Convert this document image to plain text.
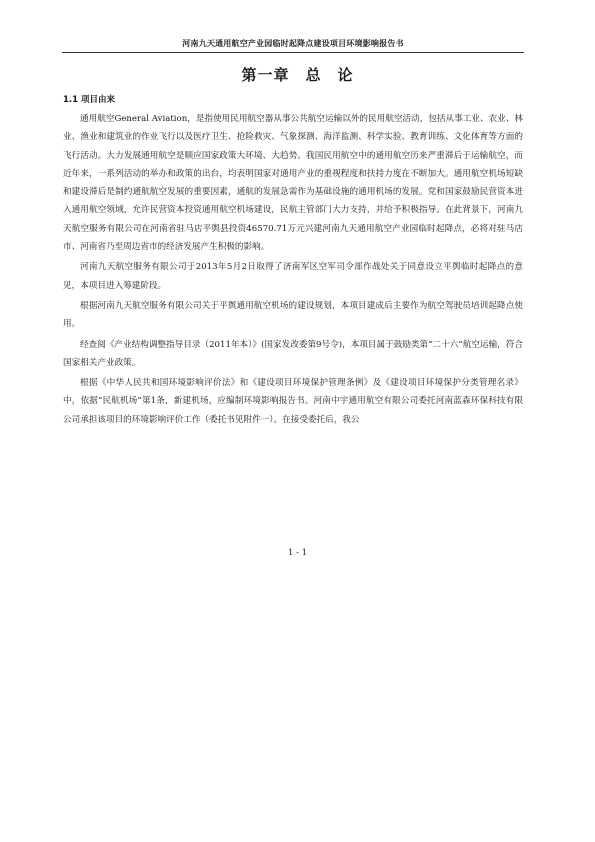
河南九天通用航空产业园临时起降点建设项目环境影响报告书
第一章　总　论
1.1 项目由来

通用航空General Aviation，是指使用民用航空器从事公共航空运输以外的民用航空活动，包括从事工业、农业、林业、渔业和建筑业的作业飞行以及医疗卫生、抢险救灾、气象探测、海洋监测、科学实验、教育训练、文化体育等方面的飞行活动。大力发展通用航空是顺应国家政策大环境、大趋势。我国民用航空中的通用航空历来严重滞后于运输航空，而近年来，一系列活动的举办和政策的出台，均表明国家对通用产业的重视程度和扶持力度在不断加大。通用航空机场短缺和建设滞后是制约通航航空发展的重要因素，通航的发展急需作为基础设施的通用机场的发展。党和国家鼓励民营资本进入通用航空领域，允许民营资本投资通用航空机场建设，民航主管部门大力支持，并给予积极指导。在此背景下，河南九天航空服务有限公司在河南省驻马店平舆县投资46570.71万元兴建河南九天通用航空产业园临时起降点，必将对驻马店市、河南省乃至周边省市的经济发展产生积极的影响。

河南九天航空服务有限公司于2013年5月2日取得了济南军区空军司令部作战处关于同意设立平舆临时起降点的意见，本项目进入筹建阶段。

根据河南九天航空服务有限公司关于平舆通用航空机场的建设规划，本项目建成后主要作为航空驾驶员培训起降点使用。

经查阅《产业结构调整指导目录（2011年本）》(国家发改委第9号令)，本项目属于鼓励类第“二十六”航空运输，符合国家相关产业政策。

根据《中华人民共和国环境影响评价法》和《建设项目环境保护管理条例》及《建设项目环境保护分类管理名录》中，依据“民航机场”第1条，新建机场，应编制环境影响报告书。河南中宇通用航空有限公司委托河南蓝森环保科技有限公司承担该项目的环境影响评价工作（委托书见附件一）。在接受委托后，我公

1 - 1
